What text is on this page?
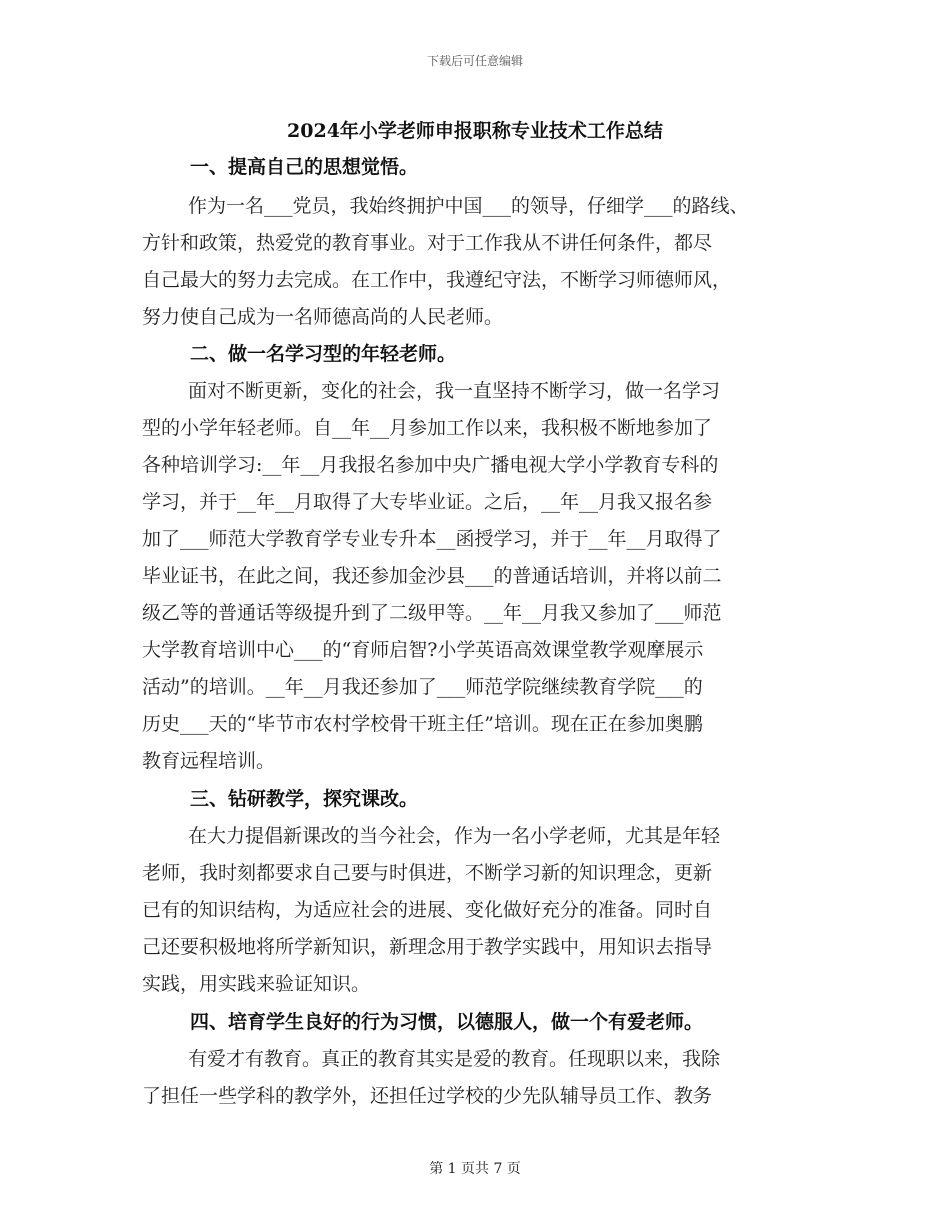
下载后可任意编辑
2024年小学老师申报职称专业技术工作总结
一、提高自己的思想觉悟。
作为一名___党员，我始终拥护中国___的领导，仔细学___的路线、
方针和政策，热爱党的教育事业。对于工作我从不讲任何条件，都尽
自己最大的努力去完成。在工作中，我遵纪守法，不断学习师德师风，
努力使自己成为一名师德高尚的人民老师。
二、做一名学习型的年轻老师。
面对不断更新，变化的社会，我一直坚持不断学习，做一名学习
型的小学年轻老师。自__年__月参加工作以来，我积极不断地参加了
各种培训学习:__年__月我报名参加中央广播电视大学小学教育专科的
学习，并于__年__月取得了大专毕业证。之后，__年__月我又报名参
加了___师范大学教育学专业专升本__函授学习，并于__年__月取得了
毕业证书，在此之间，我还参加金沙县___的普通话培训，并将以前二
级乙等的普通话等级提升到了二级甲等。__年__月我又参加了___师范
大学教育培训中心___的“育师启智?小学英语高效课堂教学观摩展示
活动”的培训。__年__月我还参加了___师范学院继续教育学院___的
历史___天的“毕节市农村学校骨干班主任”培训。现在正在参加奥鹏
教育远程培训。
三、钻研教学，探究课改。
在大力提倡新课改的当今社会，作为一名小学老师，尤其是年轻
老师，我时刻都要求自己要与时俱进，不断学习新的知识理念，更新
已有的知识结构，为适应社会的进展、变化做好充分的准备。同时自
己还要积极地将所学新知识，新理念用于教学实践中，用知识去指导
实践，用实践来验证知识。
四、培育学生良好的行为习惯，以德服人，做一个有爱老师。
有爱才有教育。真正的教育其实是爱的教育。任现职以来，我除
了担任一些学科的教学外，还担任过学校的少先队辅导员工作、教务
第 1 页共 7 页
